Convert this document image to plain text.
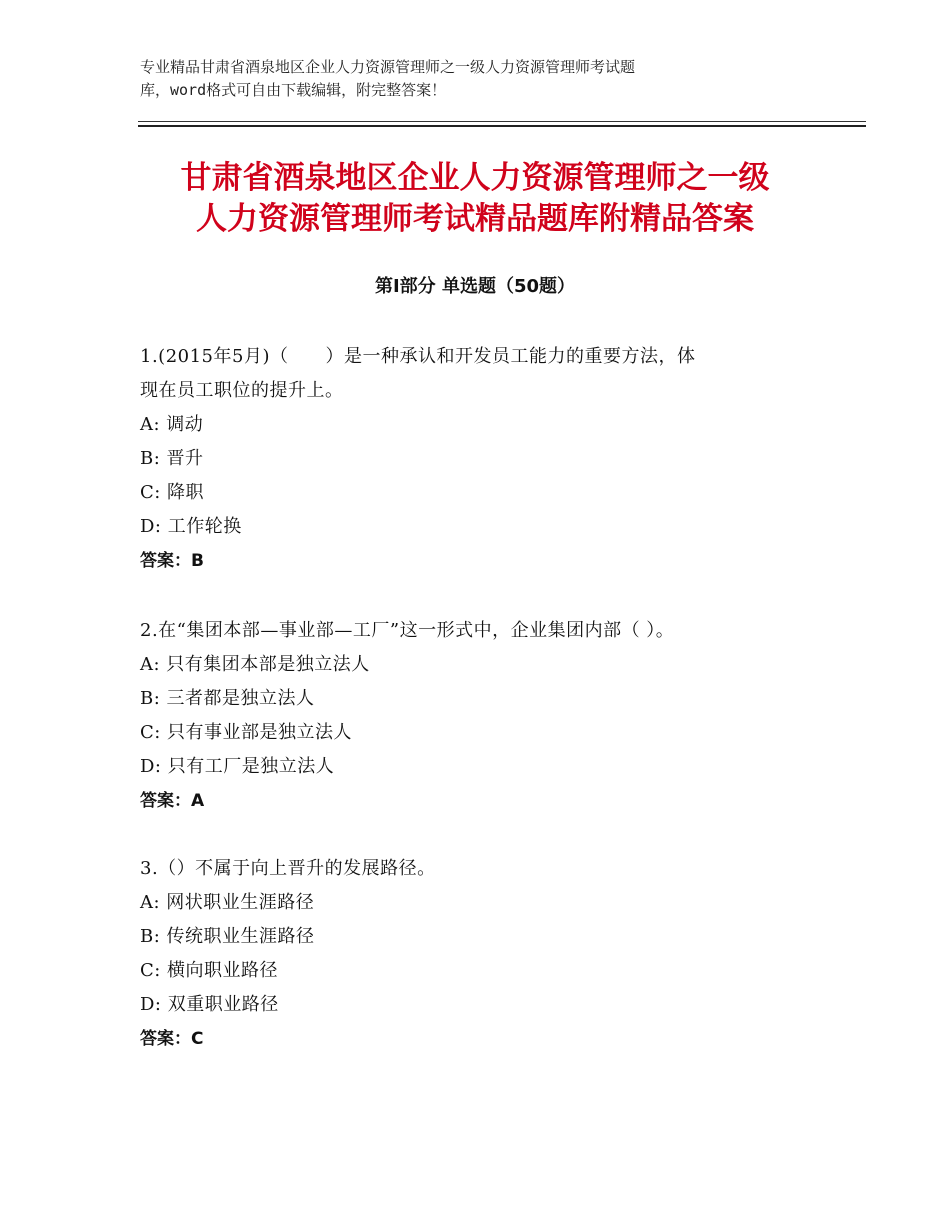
专业精品甘肃省酒泉地区企业人力资源管理师之一级人力资源管理师考试题
库，word格式可自由下载编辑，附完整答案！
甘肃省酒泉地区企业人力资源管理师之一级
人力资源管理师考试精品题库附精品答案
第Ⅰ部分 单选题（50题）

1.(2015年5月)（　　）是一种承认和开发员工能力的重要方法，体

现在员工职位的提升上。

A: 调动

B: 晋升

C: 降职

D: 工作轮换

答案：B

2.在“集团本部—事业部—工厂”这一形式中，企业集团内部（ ）。

A: 只有集团本部是独立法人

B: 三者都是独立法人

C: 只有事业部是独立法人

D: 只有工厂是独立法人

答案：A

3.（）不属于向上晋升的发展路径。

A: 网状职业生涯路径

B: 传统职业生涯路径

C: 横向职业路径

D: 双重职业路径

答案：C
